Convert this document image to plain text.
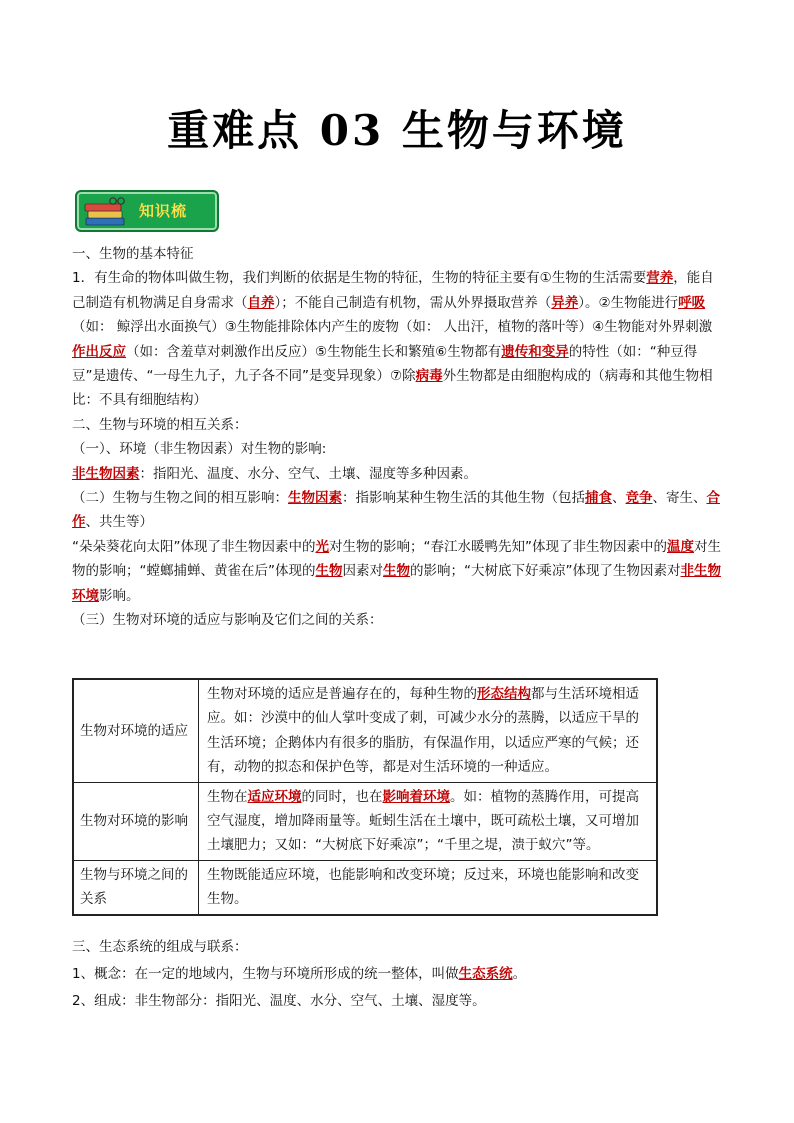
重难点 03 生物与环境
知识梳

一、生物的基本特征

1．有生命的物体叫做生物，我们判断的依据是生物的特征，生物的特征主要有①生物的生活需要营养，能自己制造有机物满足自身需求（自养）；不能自己制造有机物，需从外界摄取营养（异养）。②生物能进行呼吸（如： 鲸浮出水面换气）③生物能排除体内产生的废物（如： 人出汗，植物的落叶等）④生物能对外界刺激作出反应（如：含羞草对刺激作出反应）⑤生物能生长和繁殖⑥生物都有遗传和变异的特性（如：“种豆得豆”是遗传、“一母生九子，九子各不同”是变异现象）⑦除病毒外生物都是由细胞构成的（病毒和其他生物相比：不具有细胞结构）

二、生物与环境的相互关系：

（一）、环境（非生物因素）对生物的影响:

非生物因素：指阳光、温度、水分、空气、土壤、湿度等多种因素。

（二）生物与生物之间的相互影响：生物因素：指影响某种生物生活的其他生物（包括捕食、竞争、寄生、合作、共生等）

“朵朵葵花向太阳”体现了非生物因素中的光对生物的影响；“春江水暖鸭先知”体现了非生物因素中的温度对生物的影响；“螳螂捕蝉、黄雀在后”体现的生物因素对生物的影响；“大树底下好乘凉”体现了生物因素对非生物环境影响。

（三）生物对环境的适应与影响及它们之间的关系：

生物对环境的适应	生物对环境的适应是普遍存在的，每种生物的形态结构都与生活环境相适应。如：沙漠中的仙人掌叶变成了刺，可减少水分的蒸腾，以适应干旱的生活环境；企鹅体内有很多的脂肪，有保温作用，以适应严寒的气候；还有，动物的拟态和保护色等，都是对生活环境的一种适应。
生物对环境的影响	生物在适应环境的同时，也在影响着环境。如：植物的蒸腾作用，可提高空气湿度，增加降雨量等。蚯蚓生活在土壤中，既可疏松土壤，又可增加土壤肥力；又如：“大树底下好乘凉”；“千里之堤，溃于蚁穴”等。
生物与环境之间的关系	生物既能适应环境，也能影响和改变环境；反过来，环境也能影响和改变生物。

三、生态系统的组成与联系：

1、概念：在一定的地域内，生物与环境所形成的统一整体，叫做生态系统。

2、组成：非生物部分：指阳光、温度、水分、空气、土壤、湿度等。
